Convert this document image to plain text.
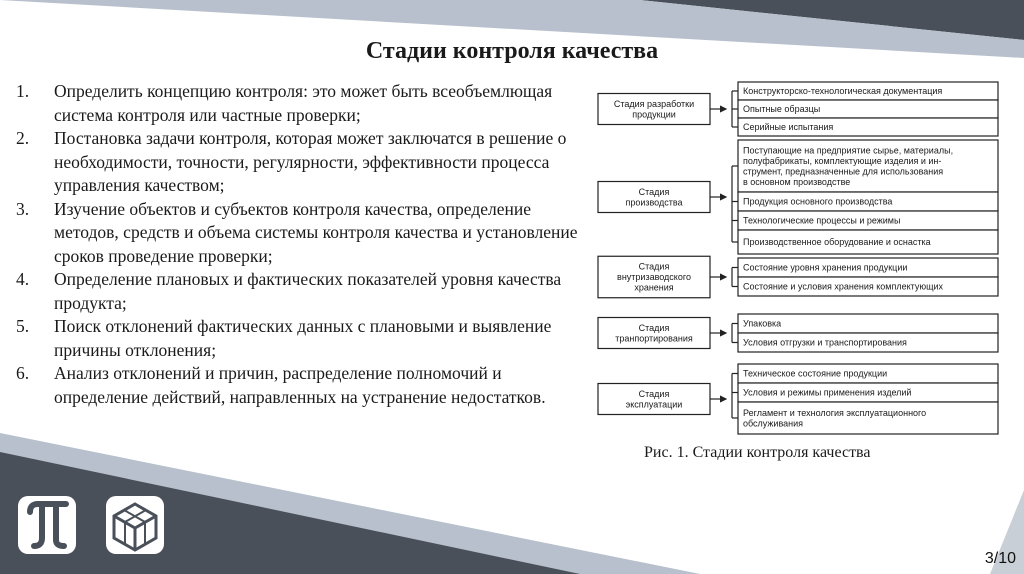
Стадии контроля качества
1. Определить концепцию контроля: это может быть всеобъемлющая система контроля или частные проверки;
2. Постановка задачи контроля, которая может заключатся в решение о необходимости, точности, регулярности, эффективности процесса управления качеством;
3. Изучение объектов и субъектов контроля качества, определение методов, средств и объема системы контроля качества и установление сроков проведение проверки;
4. Определение плановых и фактических показателей уровня качества продукта;
5. Поиск отклонений фактических данных с плановыми и выявление причины отклонения;
6. Анализ отклонений и причин, распределение полномочий и определение действий, направленных на устранение недостатков.
Стадия разработки
продукции
Конструкторско-технологическая документация
Опытные образцы
Серийные испытания
Стадия
производства
Поступающие на предприятие сырье, материалы,
полуфабрикаты, комплектующие изделия и ин-
струмент, предназначенные для использования
в основном производстве
Продукция основного производства
Технологические процессы и режимы
Производственное оборудование и оснастка
Стадия
внутризаводского
хранения
Состояние уровня хранения продукции
Состояние и условия хранения комплектующих
Стадия
транпортирования
Упаковка
Условия отгрузки и транспортирования
Стадия
эксплуатации
Техническое состояние продукции
Условия и режимы применения изделий
Регламент и технология эксплуатационного
обслуживания
Рис. 1. Стадии контроля качества
3/10
